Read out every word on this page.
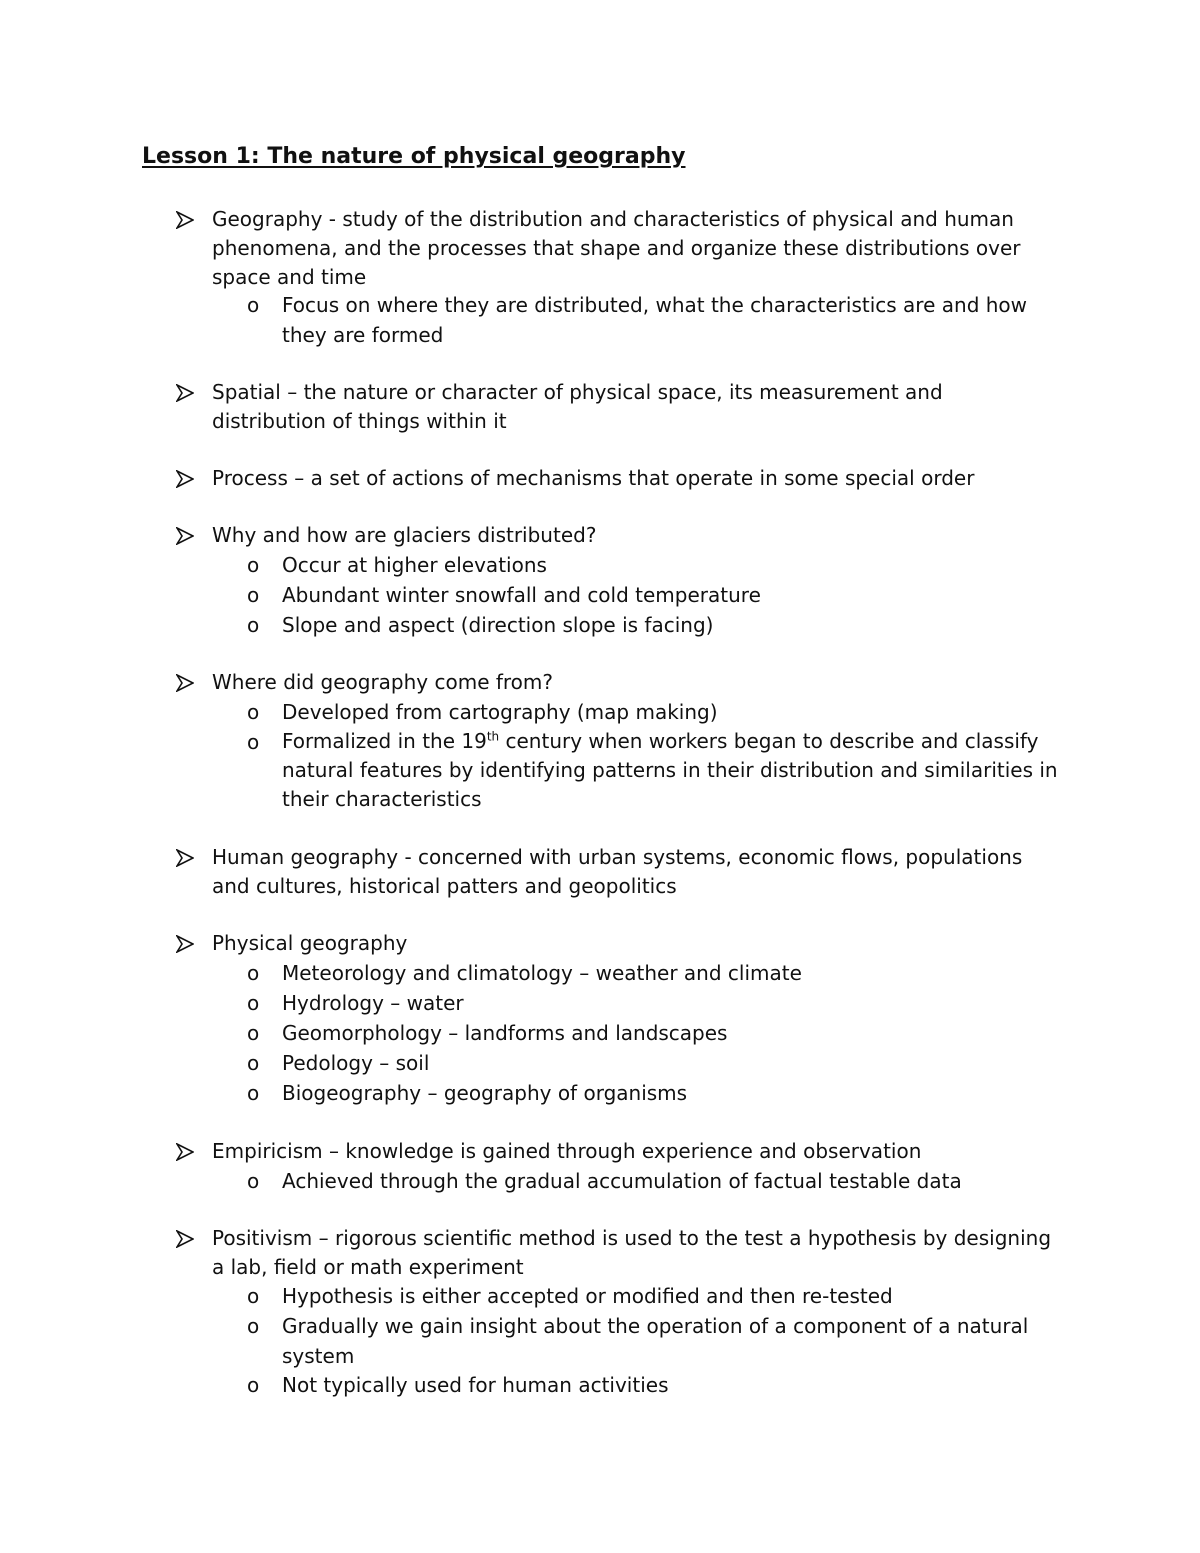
Lesson 1: The nature of physical geography
Geography - study of the distribution and characteristics of physical and human phenomena, and the processes that shape and organize these distributions over space and time
o Focus on where they are distributed, what the characteristics are and how they are formed
Spatial – the nature or character of physical space, its measurement and distribution of things within it
Process – a set of actions of mechanisms that operate in some special order
Why and how are glaciers distributed?
o Occur at higher elevations
o Abundant winter snowfall and cold temperature
o Slope and aspect (direction slope is facing)
Where did geography come from?
o Developed from cartography (map making)
o Formalized in the 19th century when workers began to describe and classify natural features by identifying patterns in their distribution and similarities in their characteristics
Human geography - concerned with urban systems, economic flows, populations and cultures, historical patters and geopolitics
Physical geography
o Meteorology and climatology – weather and climate
o Hydrology – water
o Geomorphology – landforms and landscapes
o Pedology – soil
o Biogeography – geography of organisms
Empiricism – knowledge is gained through experience and observation
o Achieved through the gradual accumulation of factual testable data
Positivism – rigorous scientific method is used to the test a hypothesis by designing a lab, field or math experiment
o Hypothesis is either accepted or modified and then re-tested
o Gradually we gain insight about the operation of a component of a natural system
o Not typically used for human activities
